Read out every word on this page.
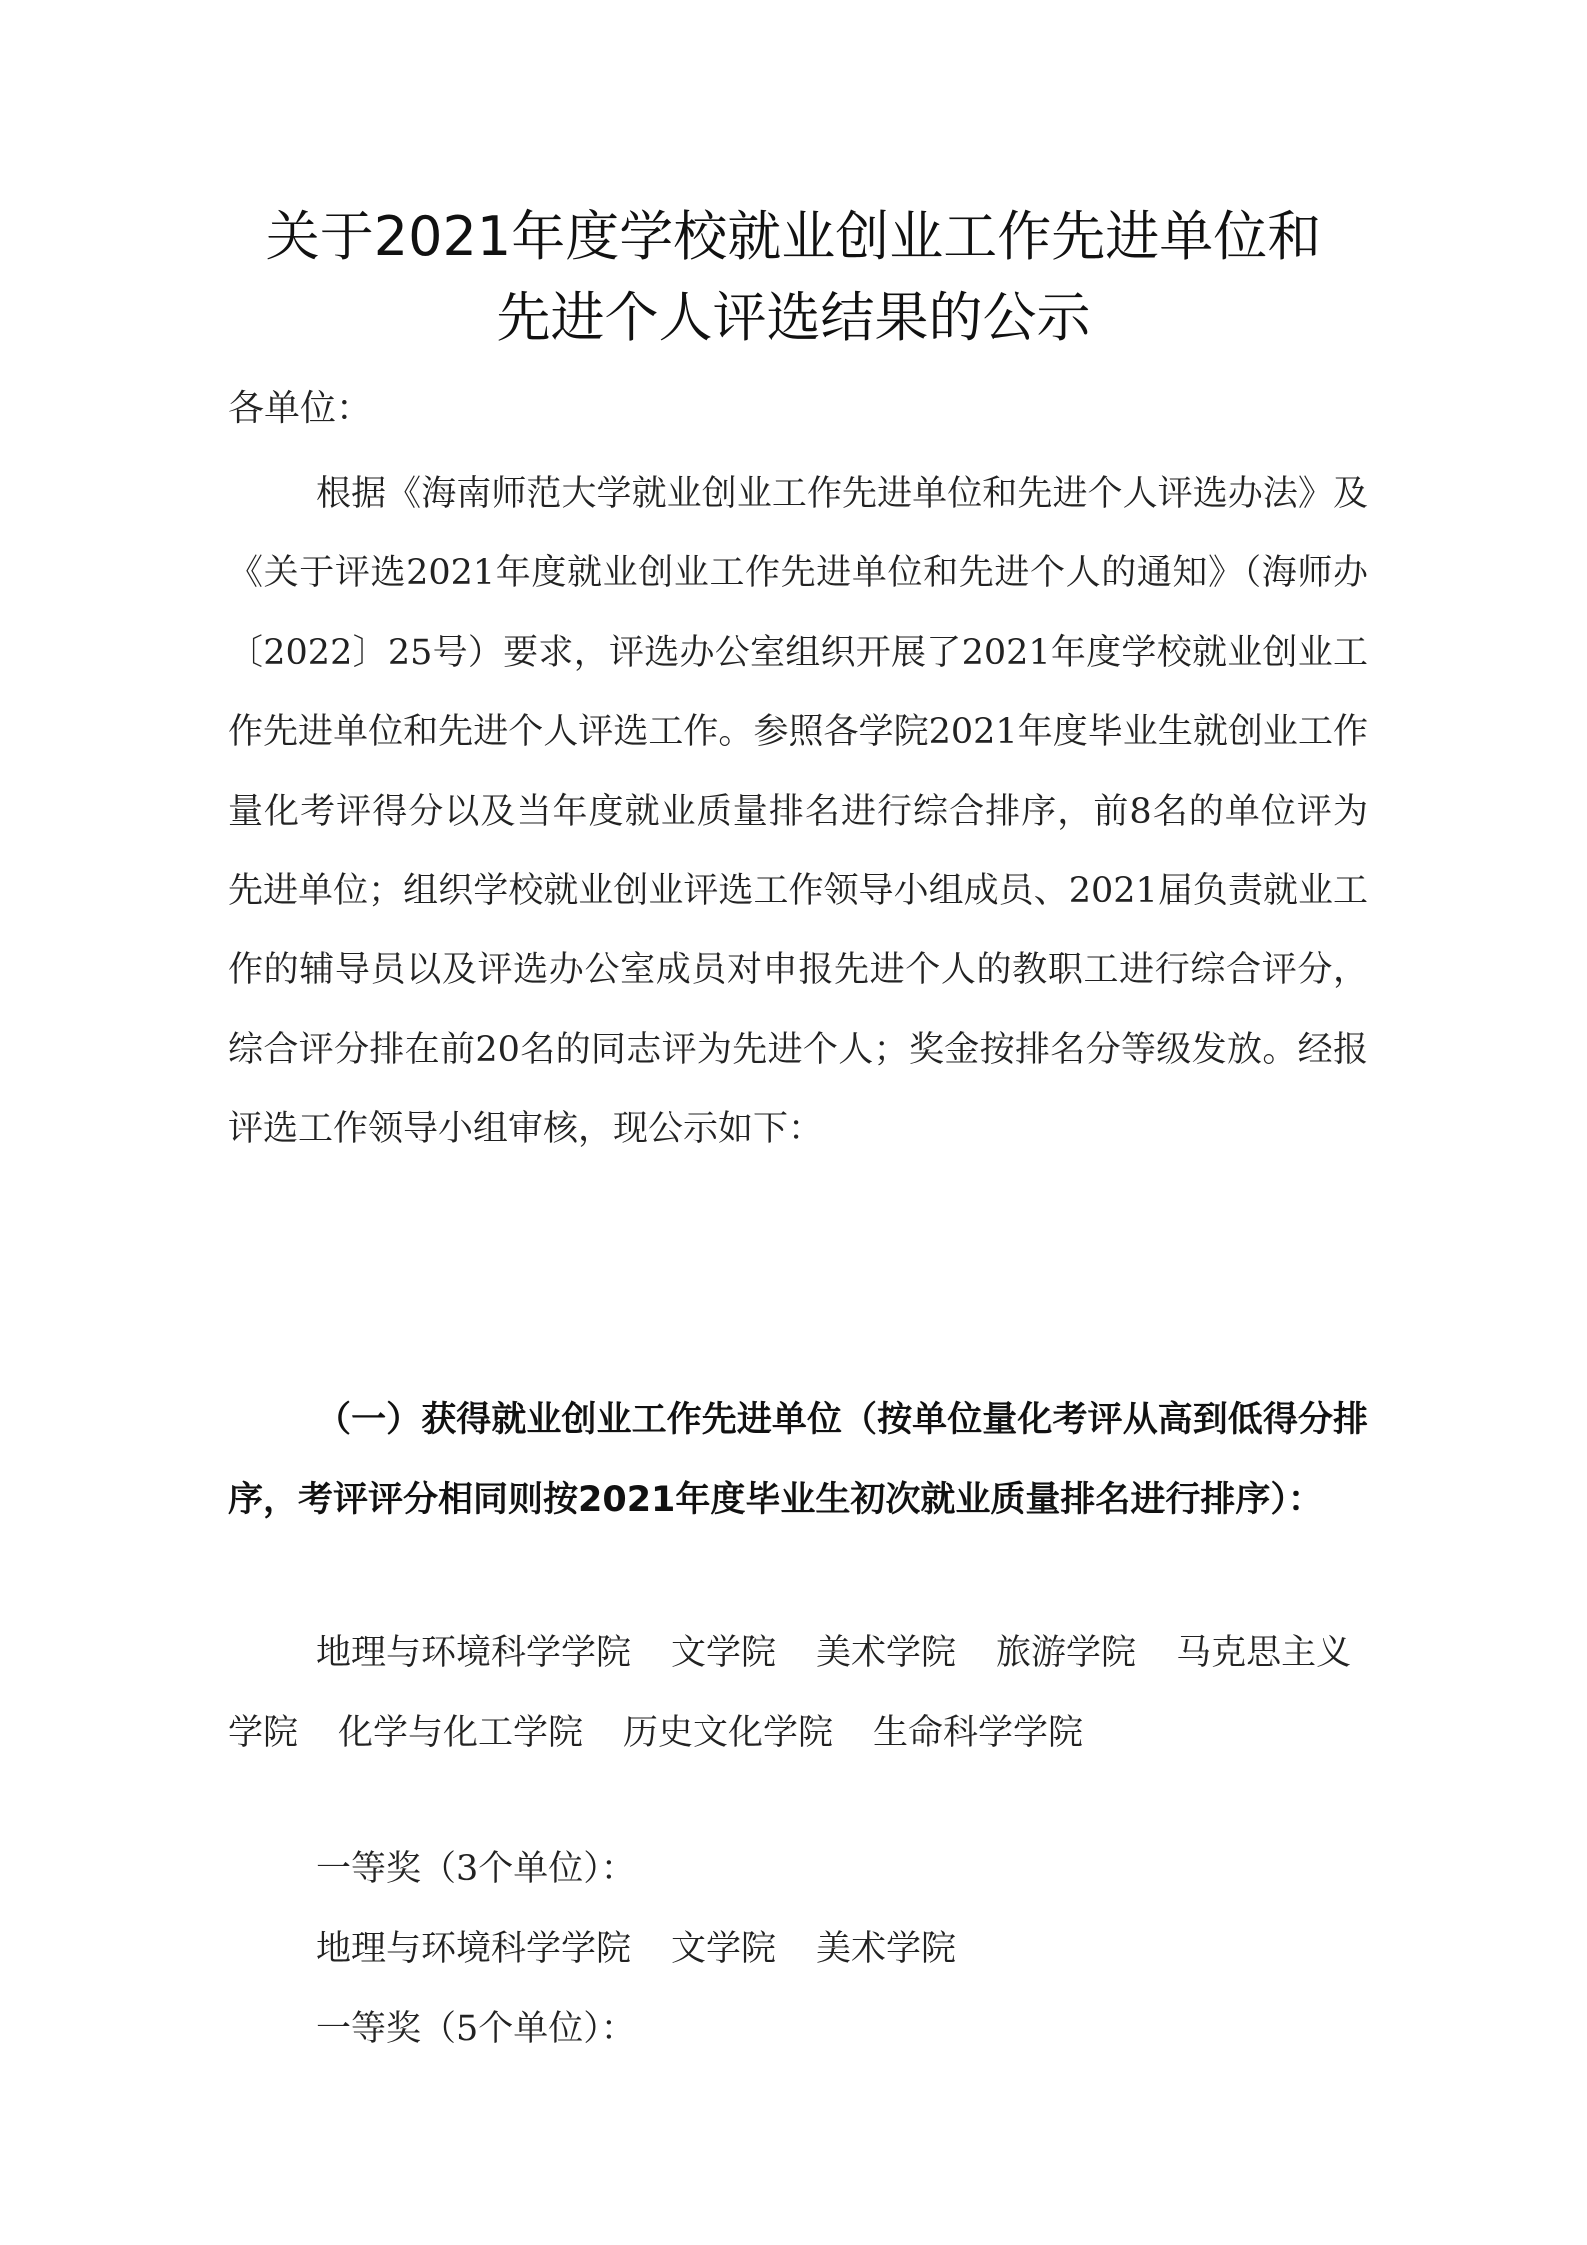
关于2021年度学校就业创业工作先进单位和
先进个人评选结果的公示
各单位：

根据《海南师范大学就业创业工作先进单位和先进个人评选办法》及《关于评选2021年度就业创业工作先进单位和先进个人的通知》（海师办〔2022〕25号）要求，评选办公室组织开展了2021年度学校就业创业工作先进单位和先进个人评选工作。参照各学院2021年度毕业生就创业工作量化考评得分以及当年度就业质量排名进行综合排序，前8名的单位评为先进单位；组织学校就业创业评选工作领导小组成员、2021届负责就业工作的辅导员以及评选办公室成员对申报先进个人的教职工进行综合评分，综合评分排在前20名的同志评为先进个人；奖金按排名分等级发放。经报评选工作领导小组审核，现公示如下：

（一）获得就业创业工作先进单位（按单位量化考评从高到低得分排序，考评评分相同则按2021年度毕业生初次就业质量排名进行排序）：

地理与环境科学学院 文学院 美术学院 旅游学院 马克思主义学院 化学与化工学院 历史文化学院 生命科学学院

一等奖（3个单位）：
地理与环境科学学院 文学院 美术学院
一等奖（5个单位）：
